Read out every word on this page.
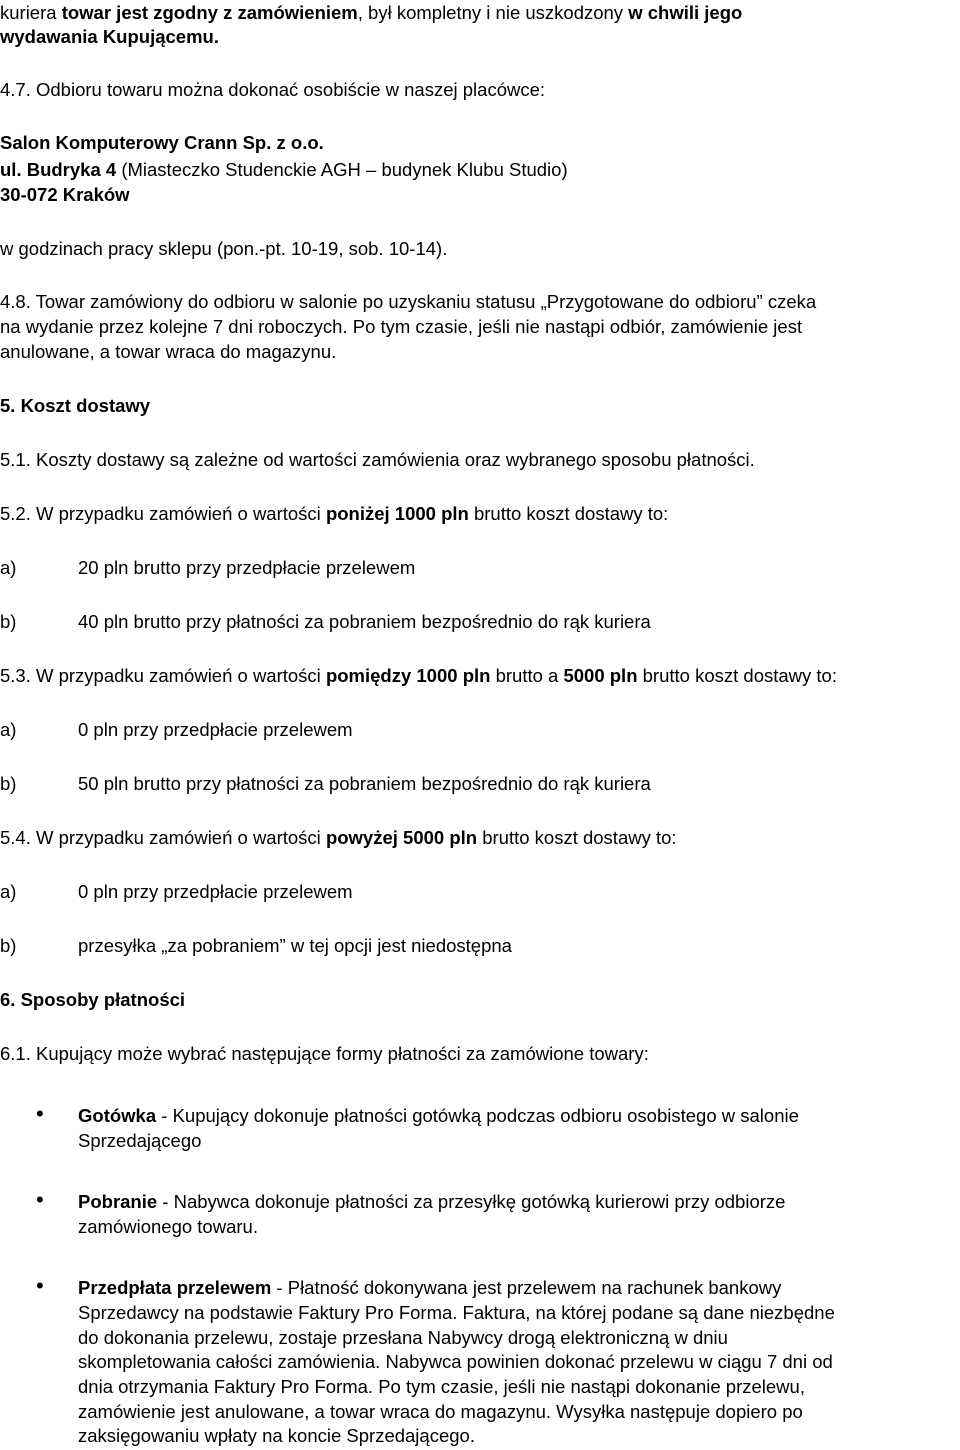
kuriera towar jest zgodny z zamówieniem, był kompletny i nie uszkodzony w chwili jego
wydawania Kupującemu.
4.7. Odbioru towaru można dokonać osobiście w naszej placówce:
Salon Komputerowy Crann Sp. z o.o.
ul. Budryka 4 (Miasteczko Studenckie AGH – budynek Klubu Studio)
30-072 Kraków
w godzinach pracy sklepu (pon.-pt. 10-19, sob. 10-14).
4.8. Towar zamówiony do odbioru w salonie po uzyskaniu statusu „Przygotowane do odbioru” czeka
na wydanie przez kolejne 7 dni roboczych. Po tym czasie, jeśli nie nastąpi odbiór, zamówienie jest
anulowane, a towar wraca do magazynu.
5. Koszt dostawy
5.1. Koszty dostawy są zależne od wartości zamówienia oraz wybranego sposobu płatności.
5.2. W przypadku zamówień o wartości poniżej 1000 pln brutto koszt dostawy to:
a)	20 pln brutto przy przedpłacie przelewem
b)	40 pln brutto przy płatności za pobraniem bezpośrednio do rąk kuriera
5.3. W przypadku zamówień o wartości pomiędzy 1000 pln brutto a 5000 pln brutto koszt dostawy to:
a)	0 pln przy przedpłacie przelewem
b)	50 pln brutto przy płatności za pobraniem bezpośrednio do rąk kuriera
5.4. W przypadku zamówień o wartości powyżej 5000 pln brutto koszt dostawy to:
a)	0 pln przy przedpłacie przelewem
b)	przesyłka „za pobraniem” w tej opcji jest niedostępna
6. Sposoby płatności
6.1. Kupujący może wybrać następujące formy płatności za zamówione towary:
• Gotówka - Kupujący dokonuje płatności gotówką podczas odbioru osobistego w salonie
Sprzedającego
• Pobranie - Nabywca dokonuje płatności za przesyłkę gotówką kurierowi przy odbiorze
zamówionego towaru.
• Przedpłata przelewem - Płatność dokonywana jest przelewem na rachunek bankowy
Sprzedawcy na podstawie Faktury Pro Forma. Faktura, na której podane są dane niezbędne
do dokonania przelewu, zostaje przesłana Nabywcy drogą elektroniczną w dniu
skompletowania całości zamówienia. Nabywca powinien dokonać przelewu w ciągu 7 dni od
dnia otrzymania Faktury Pro Forma. Po tym czasie, jeśli nie nastąpi dokonanie przelewu,
zamówienie jest anulowane, a towar wraca do magazynu. Wysyłka następuje dopiero po
zaksięgowaniu wpłaty na koncie Sprzedającego.
